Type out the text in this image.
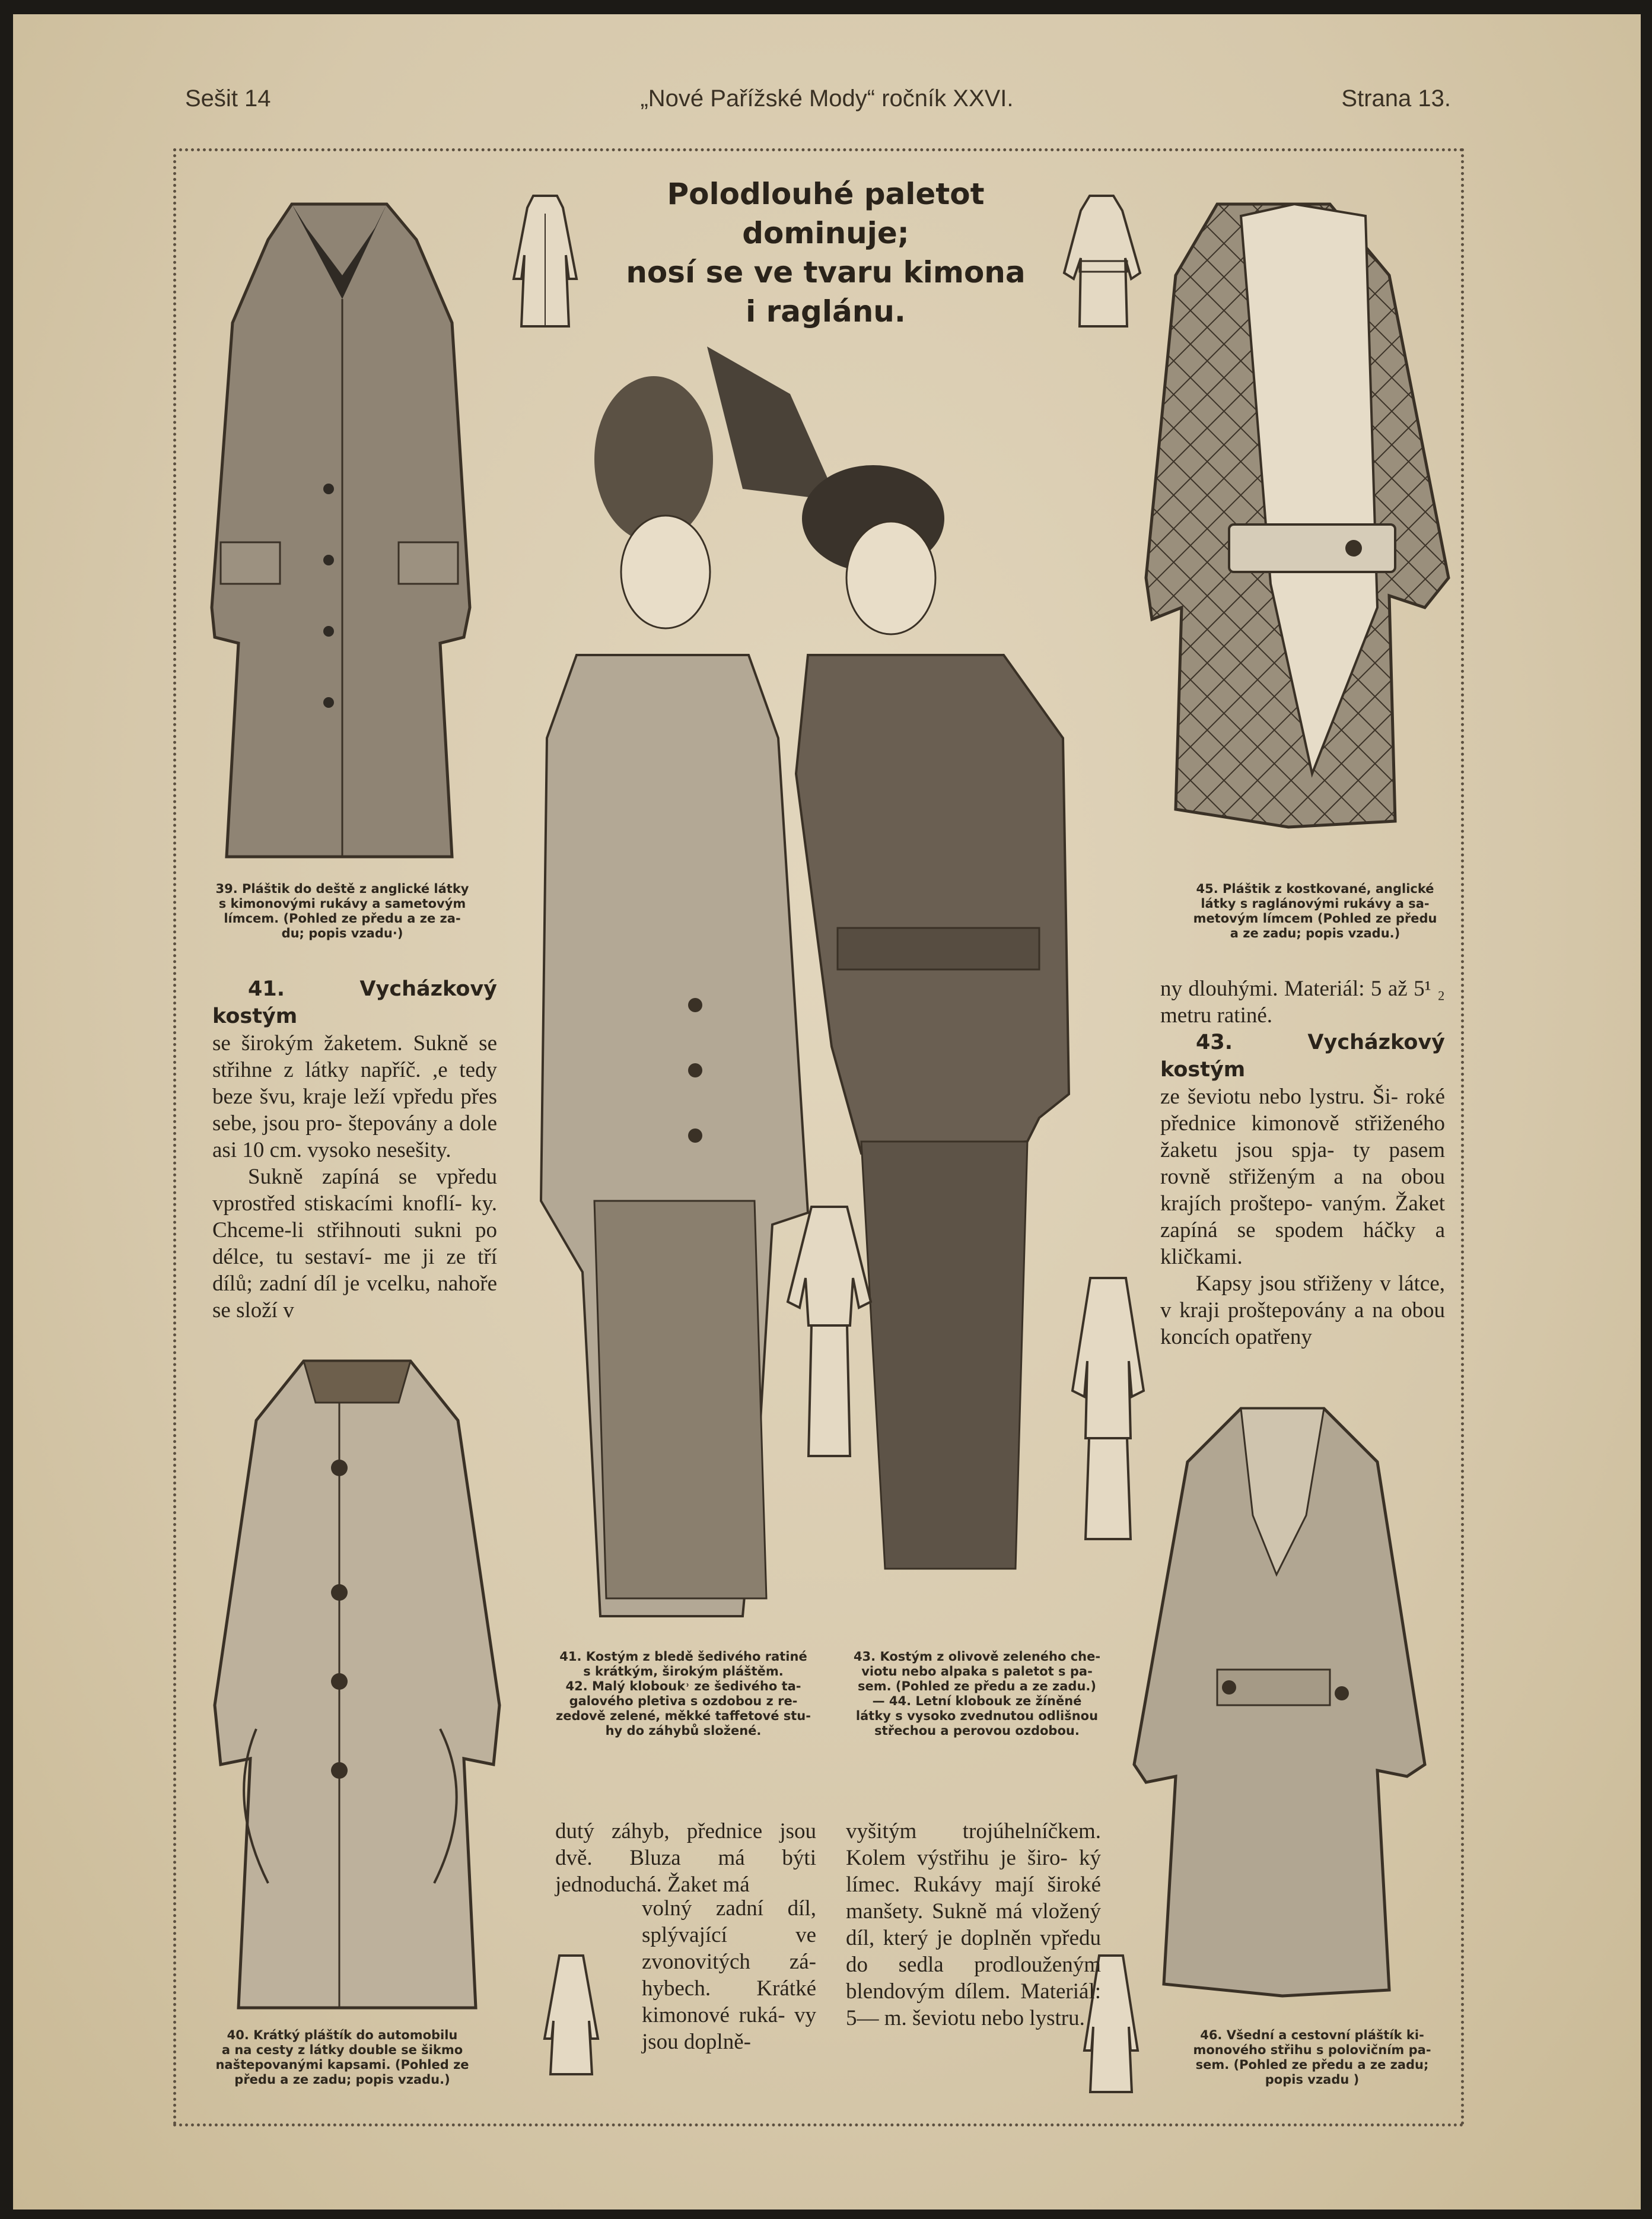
Sešit 14	„Nové Pařížské Mody“ ročník XXVI.	Strana 13.
Polodlouhé paletot dominuje;
nosí se ve tvaru kimona
i raglánu.
39. Pláštik do deště z anglické látky
s kimonovými rukávy a sametovým
límcem. (Pohled ze předu a ze za-
du; popis vzadu·)
45. Pláštik z kostkované, anglické
látky s raglánovými rukávy a sa-
metovým límcem (Pohled ze předu
a ze zadu; popis vzadu.)
41. Kostým z bledě šedivého ratiné
s krátkým, širokým pláštěm.
42. Malý klobouk˒ ze šedivého ta-
galového pletiva s ozdobou z re-
zedově zelené, měkké taffetové stu-
hy do záhybů složené.
43. Kostým z olivově zeleného che-
viotu nebo alpaka s paletot s pa-
sem. (Pohled ze předu a ze zadu.)
— 44. Letní klobouk ze žíněné
látky s vysoko zvednutou odlišnou
střechou a perovou ozdobou.

41. Vycházkový kostým

se širokým žaketem. Sukně se střihne z látky napříč. ,e tedy beze švu, kraje leží vpředu přes sebe, jsou pro- štepovány a dole asi 10 cm. vysoko nesešity.

Sukně zapíná se vpředu vprostřed stiskacími knoflí- ky. Chceme-li střihnouti sukni po délce, tu sestaví- me ji ze tří dílů; zadní díl je vcelku, nahoře se složí v

ny dlouhými. Materiál: 5 až 5¹ ₂ metru ratiné.

43. Vycházkový kostým

ze ševiotu nebo lystru. Ši- roké přednice kimonově střiženého žaketu jsou spja- ty pasem rovně střiženým a na obou krajích proštepo- vaným. Žaket zapíná se spodem háčky a kličkami.

Kapsy jsou střiženy v látce, v kraji proštepovány a na obou koncích opatřeny

40. Krátký pláštík do automobilu
a na cesty z látky double se šikmo
naštepovanými kapsami. (Pohled ze
předu a ze zadu; popis vzadu.)
46. Všední a cestovní pláštík ki-
monového střihu s polovičním pa-
sem. (Pohled ze předu a ze zadu;
popis vzadu )

dutý záhyb, přednice jsou dvě. Bluza má býti jednoduchá. Žaket má

volný zadní díl, splývající ve zvonovitých zá- hybech. Krátké kimonové ruká- vy jsou doplně-

vyšitým trojúhelníčkem. Kolem výstřihu je širo- ký límec. Rukávy mají široké manšety. Sukně má vložený díl, který je doplněn vpředu do sedla prodlouženým blendovým dílem. Materiál: 5— m. ševiotu nebo lystru.
